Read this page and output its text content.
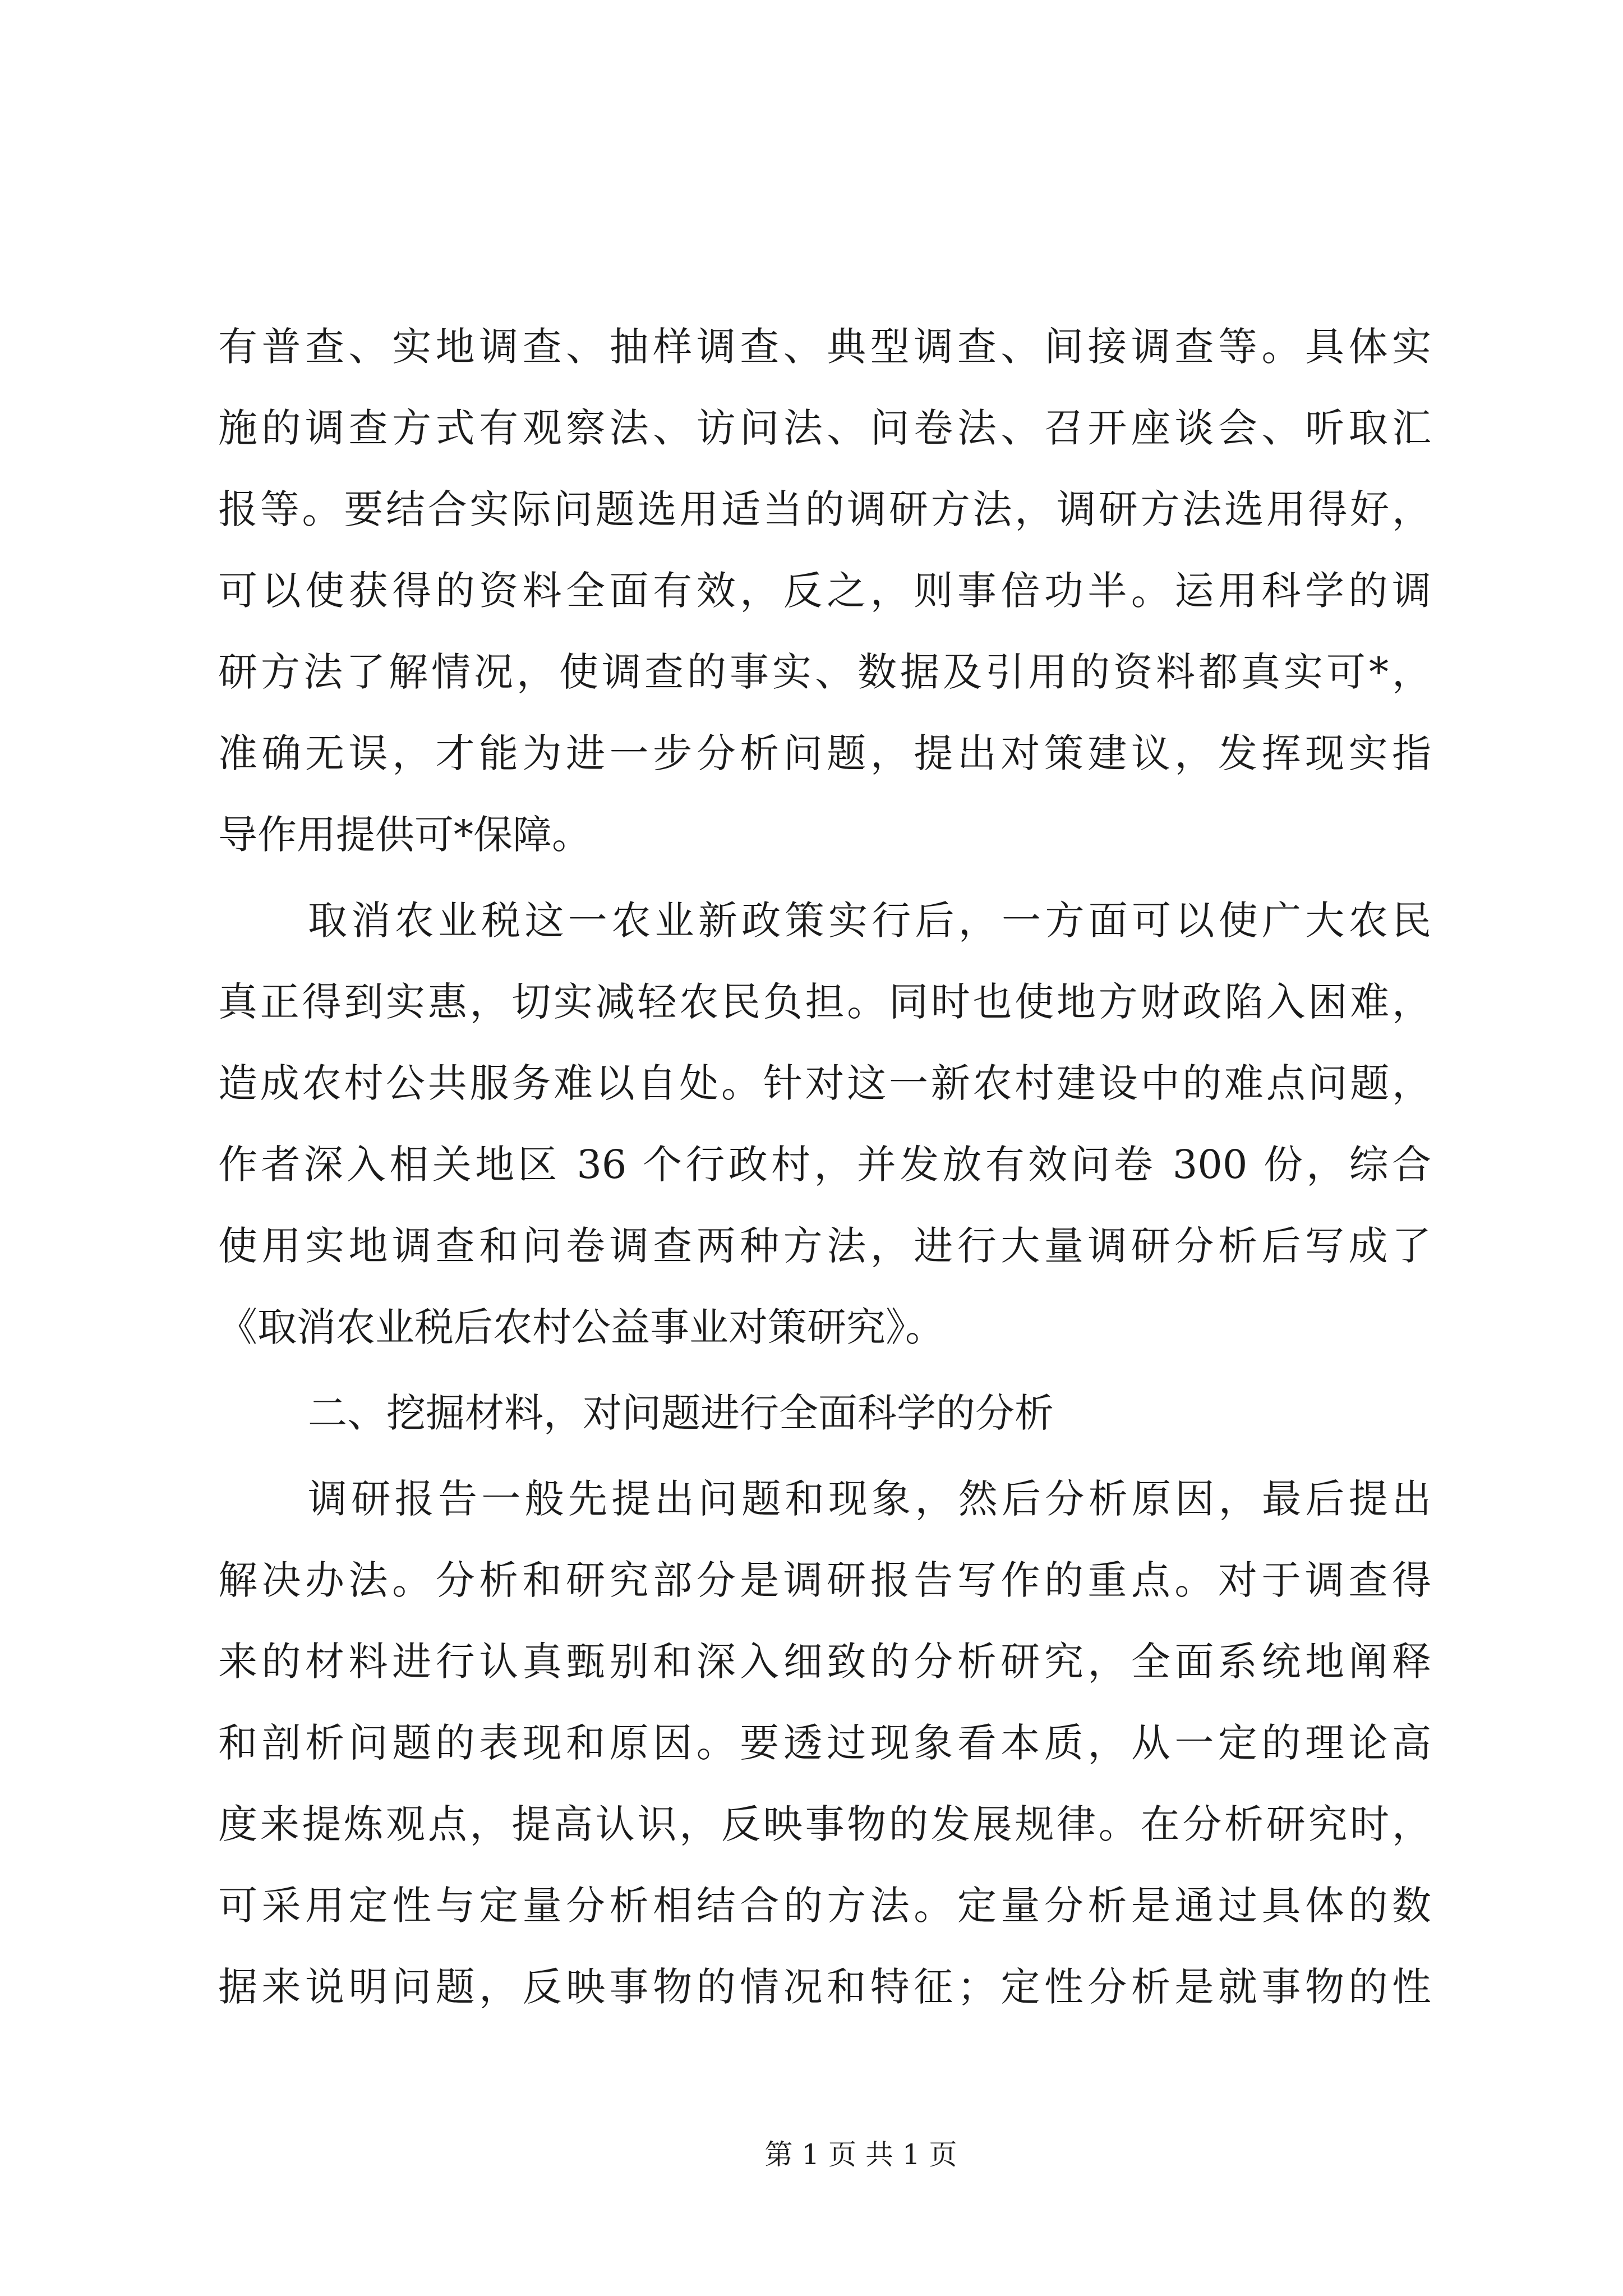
有普查、实地调查、抽样调查、典型调查、间接调查等。具体实
施的调查方式有观察法、访问法、问卷法、召开座谈会、听取汇
报等。要结合实际问题选用适当的调研方法，调研方法选用得好，
可以使获得的资料全面有效，反之，则事倍功半。运用科学的调
研方法了解情况，使调查的事实、数据及引用的资料都真实可*，
准确无误，才能为进一步分析问题，提出对策建议，发挥现实指
导作用提供可*保障。
取消农业税这一农业新政策实行后，一方面可以使广大农民
真正得到实惠，切实减轻农民负担。同时也使地方财政陷入困难，
造成农村公共服务难以自处。针对这一新农村建设中的难点问题，
作者深入相关地区 36 个行政村，并发放有效问卷 300 份，综合
使用实地调查和问卷调查两种方法，进行大量调研分析后写成了
《取消农业税后农村公益事业对策研究》。
二、挖掘材料，对问题进行全面科学的分析
调研报告一般先提出问题和现象，然后分析原因，最后提出
解决办法。分析和研究部分是调研报告写作的重点。对于调查得
来的材料进行认真甄别和深入细致的分析研究，全面系统地阐释
和剖析问题的表现和原因。要透过现象看本质，从一定的理论高
度来提炼观点，提高认识，反映事物的发展规律。在分析研究时，
可采用定性与定量分析相结合的方法。定量分析是通过具体的数
据来说明问题，反映事物的情况和特征；定性分析是就事物的性
第 1 页 共 1 页
